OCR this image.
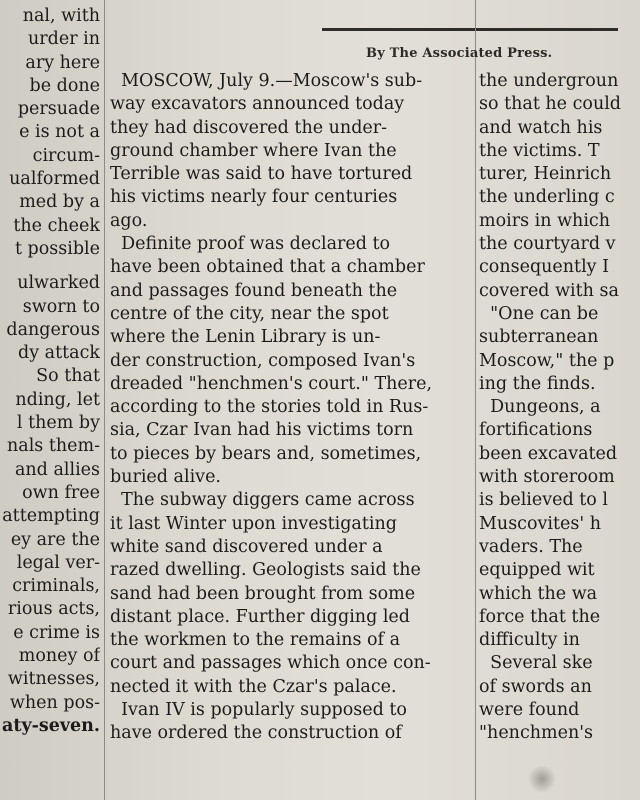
By The Associated Press.
nal, with
urder in
ary here
be done
persuade
e is not a
circum-
ualformed
med by a
the cheek
t possible
ulwarked
sworn to
dangerous
dy attack
So that
nding, let
l them by
nals them-
and allies
own free
attempting
ey are the
legal ver-
criminals,
rious acts,
e crime is
money of
witnesses,
when pos-
aty-seven.
MOSCOW, July 9.—Moscow's sub-
way excavators announced today
they had discovered the under-
ground chamber where Ivan the
Terrible was said to have tortured
his victims nearly four centuries
ago.
Definite proof was declared to
have been obtained that a chamber
and passages found beneath the
centre of the city, near the spot
where the Lenin Library is un-
der construction, composed Ivan's
dreaded "henchmen's court." There,
according to the stories told in Rus-
sia, Czar Ivan had his victims torn
to pieces by bears and, sometimes,
buried alive.
The subway diggers came across
it last Winter upon investigating
white sand discovered under a
razed dwelling. Geologists said the
sand had been brought from some
distant place. Further digging led
the workmen to the remains of a
court and passages which once con-
nected it with the Czar's palace.
Ivan IV is popularly supposed to
have ordered the construction of
the undergroun
so that he could
and watch his
the victims. T
turer, Heinrich
the underling c
moirs in which
the courtyard v
consequently I
covered with sa
"One can be
subterranean
Moscow," the p
ing the finds.
Dungeons, a
fortifications
been excavated
with storeroom
is believed to l
Muscovites' h
vaders. The
equipped wit
which the wa
force that the
difficulty in
Several ske
of swords an
were found
"henchmen's
